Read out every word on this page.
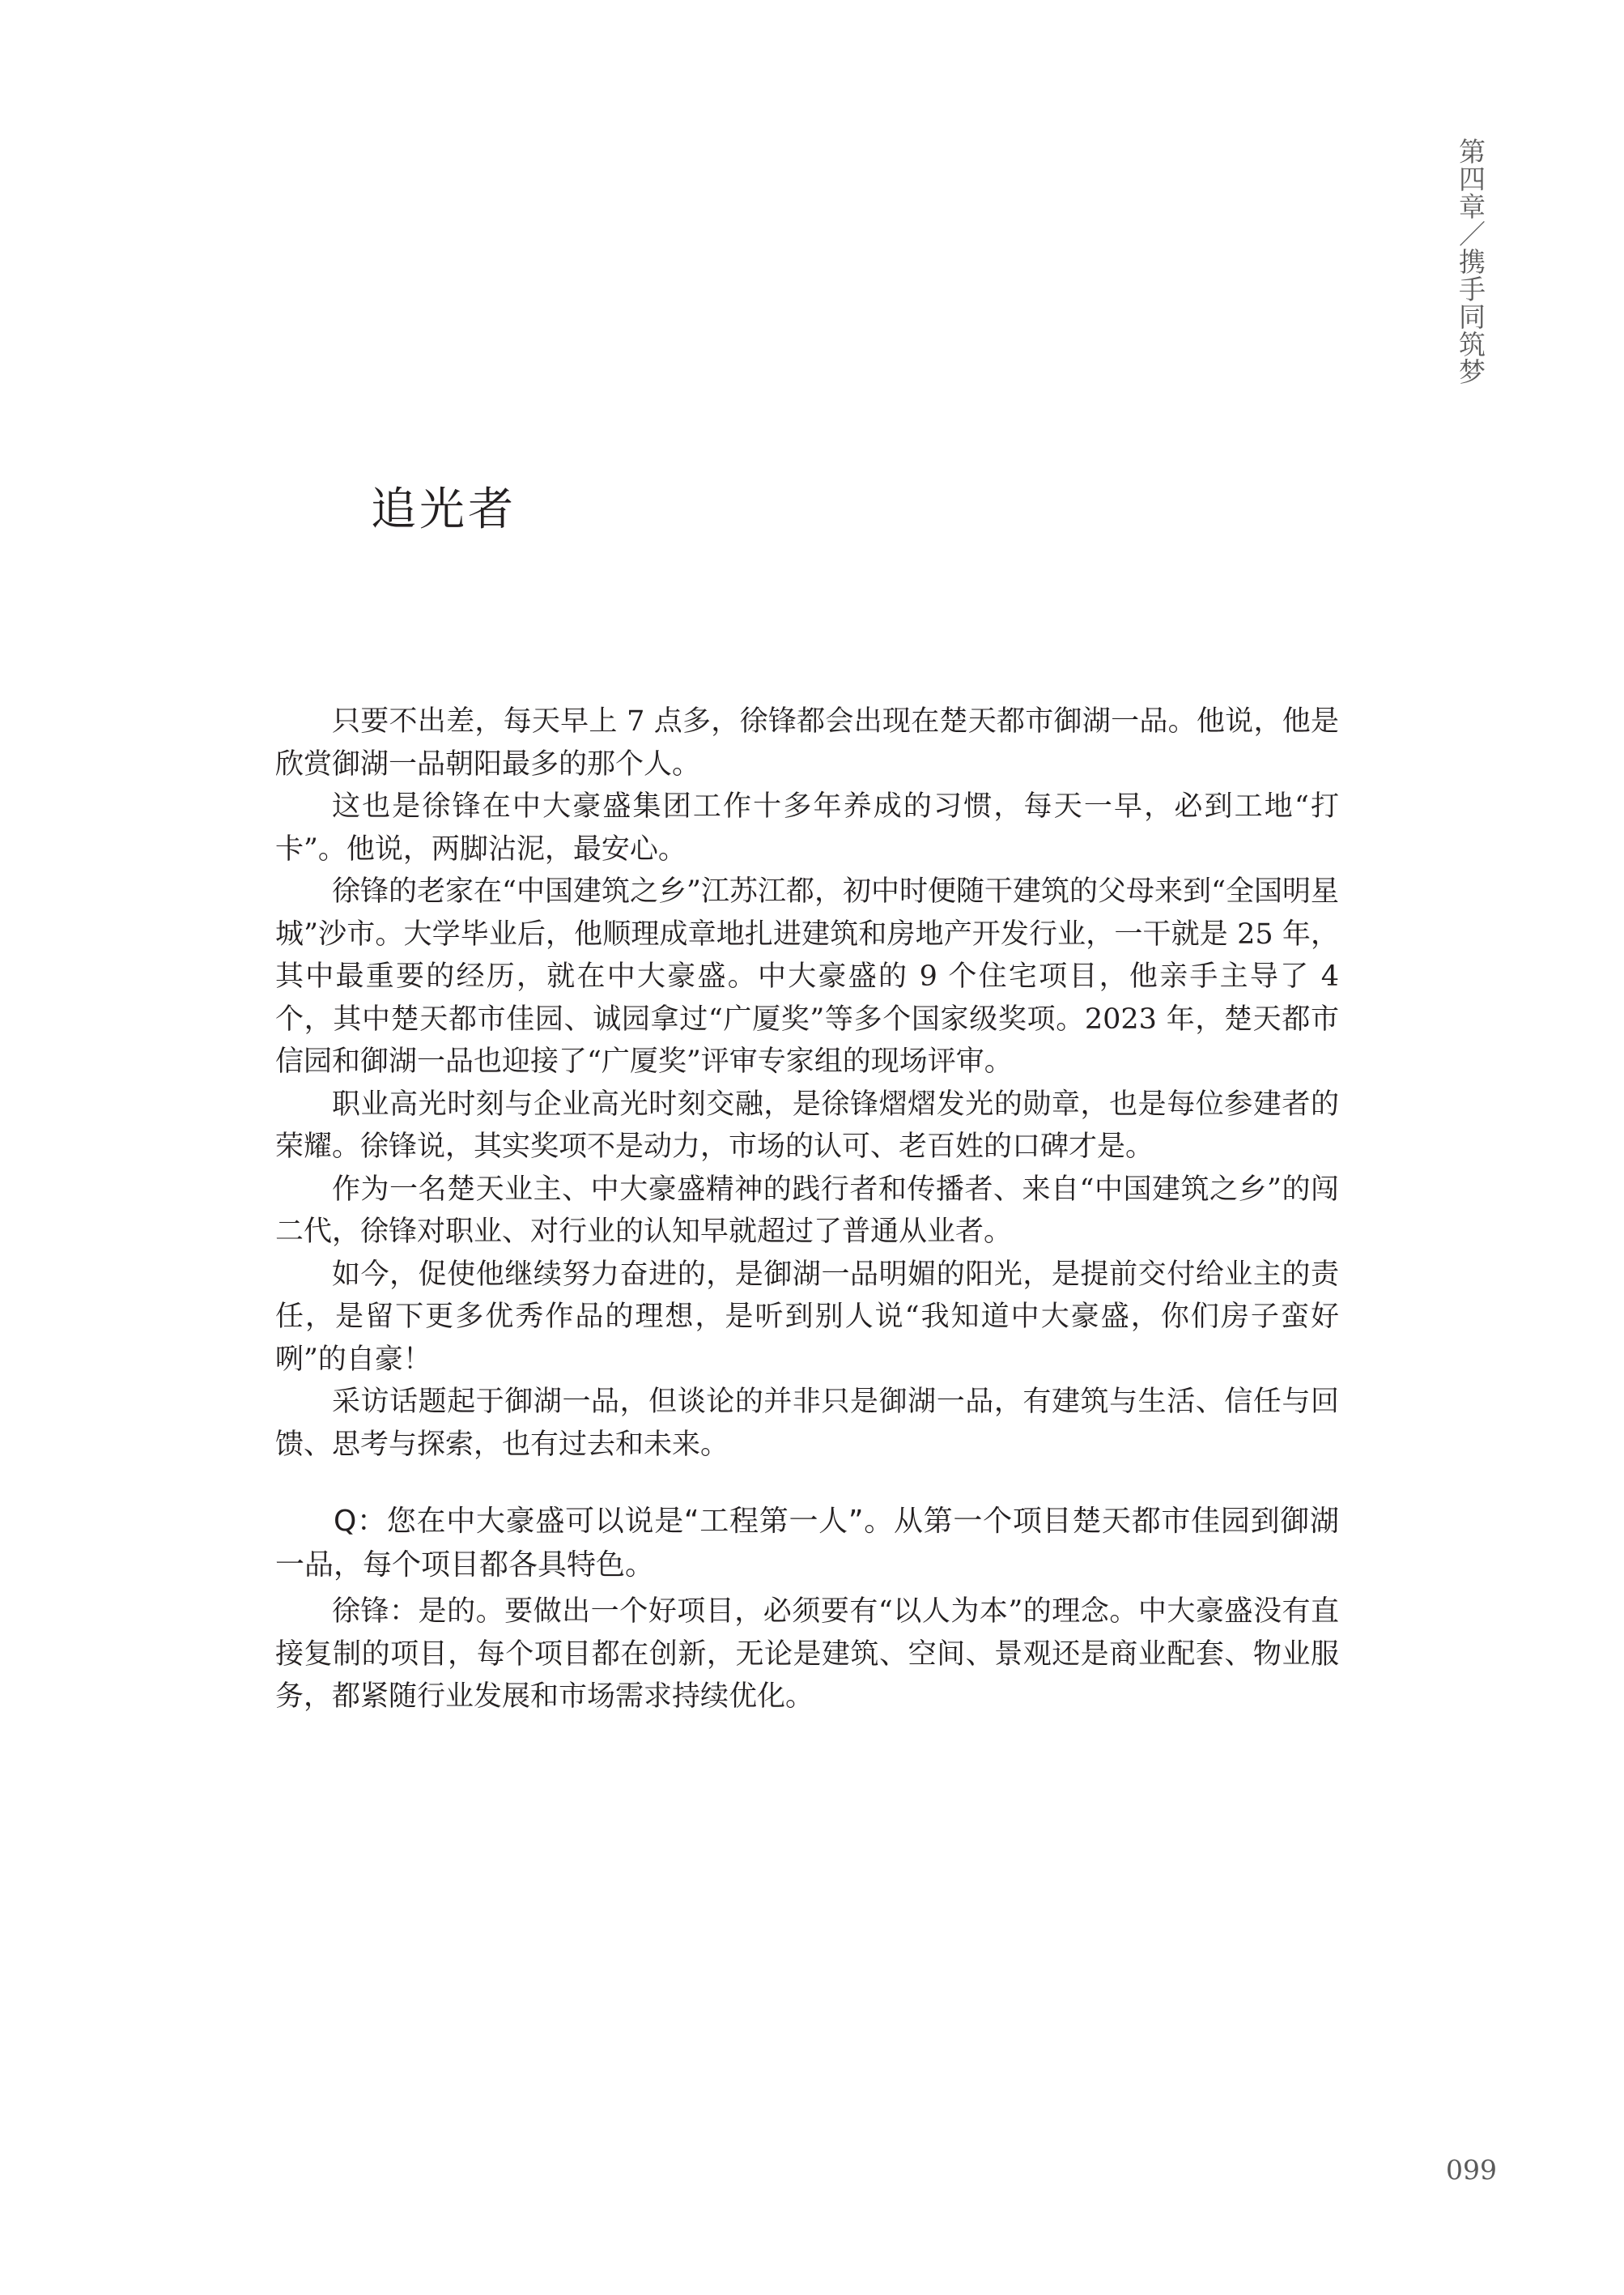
第四章／携手同筑梦
追光者

只要不出差，每天早上 7 点多，徐锋都会出现在楚天都市御湖一品。他说，他是欣赏御湖一品朝阳最多的那个人。

这也是徐锋在中大豪盛集团工作十多年养成的习惯，每天一早，必到工地“打卡”。他说，两脚沾泥，最安心。

徐锋的老家在“中国建筑之乡”江苏江都，初中时便随干建筑的父母来到“全国明星城”沙市。大学毕业后，他顺理成章地扎进建筑和房地产开发行业，一干就是 25 年，其中最重要的经历，就在中大豪盛。中大豪盛的 9 个住宅项目，他亲手主导了 4 个，其中楚天都市佳园、诚园拿过“广厦奖”等多个国家级奖项。2023 年，楚天都市信园和御湖一品也迎接了“广厦奖”评审专家组的现场评审。

职业高光时刻与企业高光时刻交融，是徐锋熠熠发光的勋章，也是每位参建者的荣耀。徐锋说，其实奖项不是动力，市场的认可、老百姓的口碑才是。

作为一名楚天业主、中大豪盛精神的践行者和传播者、来自“中国建筑之乡”的闯二代，徐锋对职业、对行业的认知早就超过了普通从业者。

如今，促使他继续努力奋进的，是御湖一品明媚的阳光，是提前交付给业主的责任，是留下更多优秀作品的理想，是听到别人说“我知道中大豪盛，你们房子蛮好咧”的自豪！

采访话题起于御湖一品，但谈论的并非只是御湖一品，有建筑与生活、信任与回馈、思考与探索，也有过去和未来。

Q：您在中大豪盛可以说是“工程第一人”。从第一个项目楚天都市佳园到御湖一品，每个项目都各具特色。

徐锋：是的。要做出一个好项目，必须要有“以人为本”的理念。中大豪盛没有直接复制的项目，每个项目都在创新，无论是建筑、空间、景观还是商业配套、物业服务，都紧随行业发展和市场需求持续优化。

099
